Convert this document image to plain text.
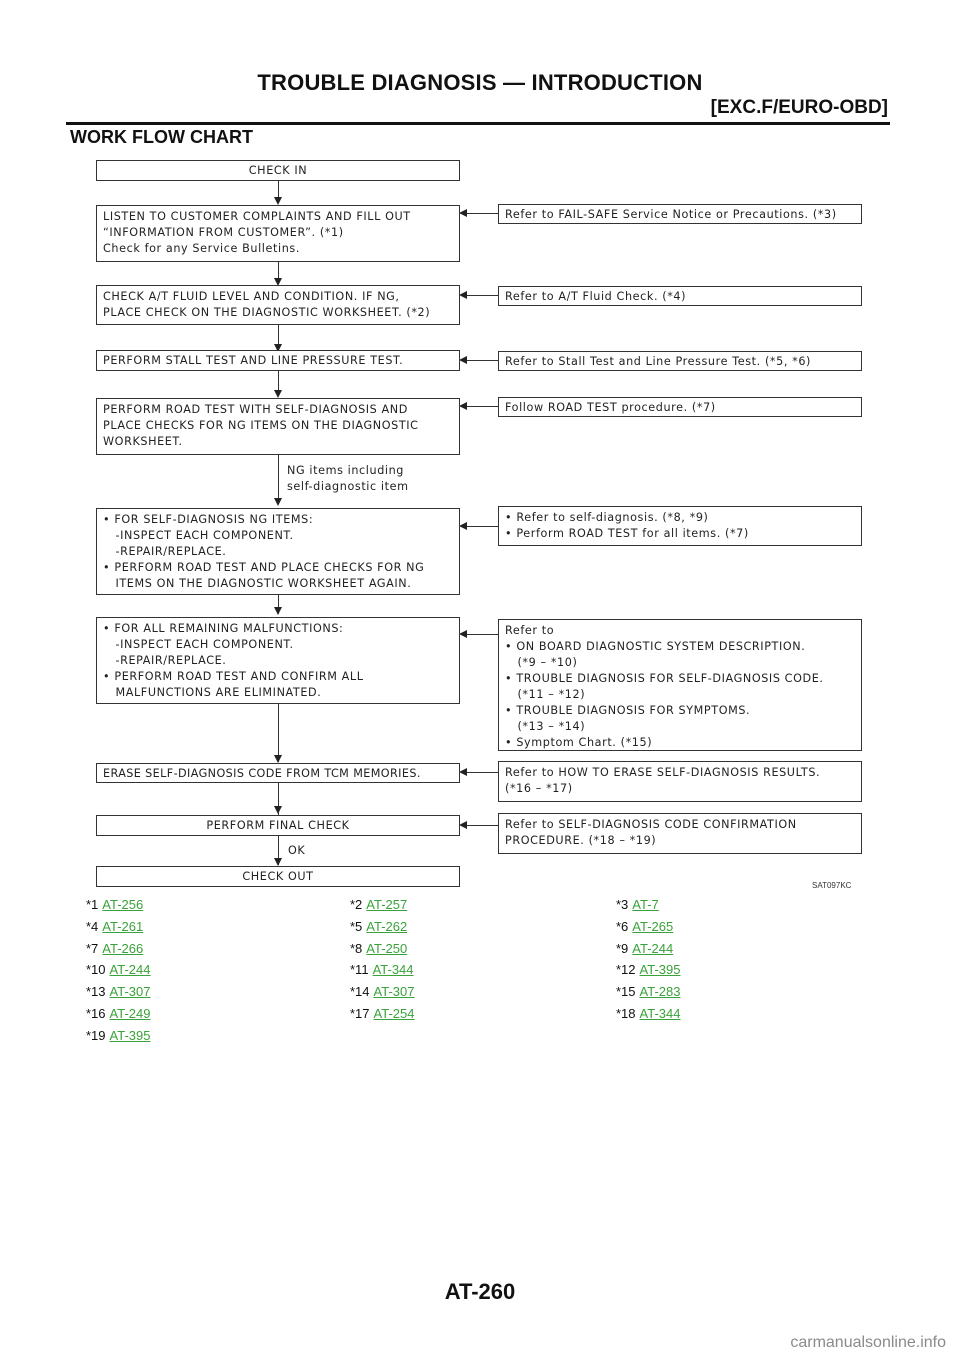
TROUBLE DIAGNOSIS — INTRODUCTION
[EXC.F/EURO-OBD]
WORK FLOW CHART
CHECK IN
LISTEN TO CUSTOMER COMPLAINTS AND FILL OUT
“INFORMATION FROM CUSTOMER”. (*1)
Check for any Service Bulletins.
CHECK A/T FLUID LEVEL AND CONDITION. IF NG,
PLACE CHECK ON THE DIAGNOSTIC WORKSHEET. (*2)
PERFORM STALL TEST AND LINE PRESSURE TEST.
PERFORM ROAD TEST WITH SELF-DIAGNOSIS AND
PLACE CHECKS FOR NG ITEMS ON THE DIAGNOSTIC
WORKSHEET.
NG items including
self-diagnostic item
• FOR SELF-DIAGNOSIS NG ITEMS:
-INSPECT EACH COMPONENT.
-REPAIR/REPLACE.
• PERFORM ROAD TEST AND PLACE CHECKS FOR NG
ITEMS ON THE DIAGNOSTIC WORKSHEET AGAIN.
• FOR ALL REMAINING MALFUNCTIONS:
-INSPECT EACH COMPONENT.
-REPAIR/REPLACE.
• PERFORM ROAD TEST AND CONFIRM ALL
MALFUNCTIONS ARE ELIMINATED.
ERASE SELF-DIAGNOSIS CODE FROM TCM MEMORIES.
PERFORM FINAL CHECK
OK
CHECK OUT
Refer to FAIL-SAFE Service Notice or Precautions. (*3)
Refer to A/T Fluid Check. (*4)
Refer to Stall Test and Line Pressure Test. (*5, *6)
Follow ROAD TEST procedure. (*7)
• Refer to self-diagnosis. (*8, *9)
• Perform ROAD TEST for all items. (*7)
Refer to
• ON BOARD DIAGNOSTIC SYSTEM DESCRIPTION.
(*9 – *10)
• TROUBLE DIAGNOSIS FOR SELF-DIAGNOSIS CODE.
(*11 – *12)
• TROUBLE DIAGNOSIS FOR SYMPTOMS.
(*13 – *14)
• Symptom Chart. (*15)
Refer to HOW TO ERASE SELF-DIAGNOSIS RESULTS.
(*16 – *17)
Refer to SELF-DIAGNOSIS CODE CONFIRMATION
PROCEDURE. (*18 – *19)
SAT097KC
*1 AT-256	*2 AT-257	*3 AT-7
*4 AT-261	*5 AT-262	*6 AT-265
*7 AT-266	*8 AT-250	*9 AT-244
*10 AT-244	*11 AT-344	*12 AT-395
*13 AT-307	*14 AT-307	*15 AT-283
*16 AT-249	*17 AT-254	*18 AT-344
*19 AT-395
AT-260
carmanualsonline.info
